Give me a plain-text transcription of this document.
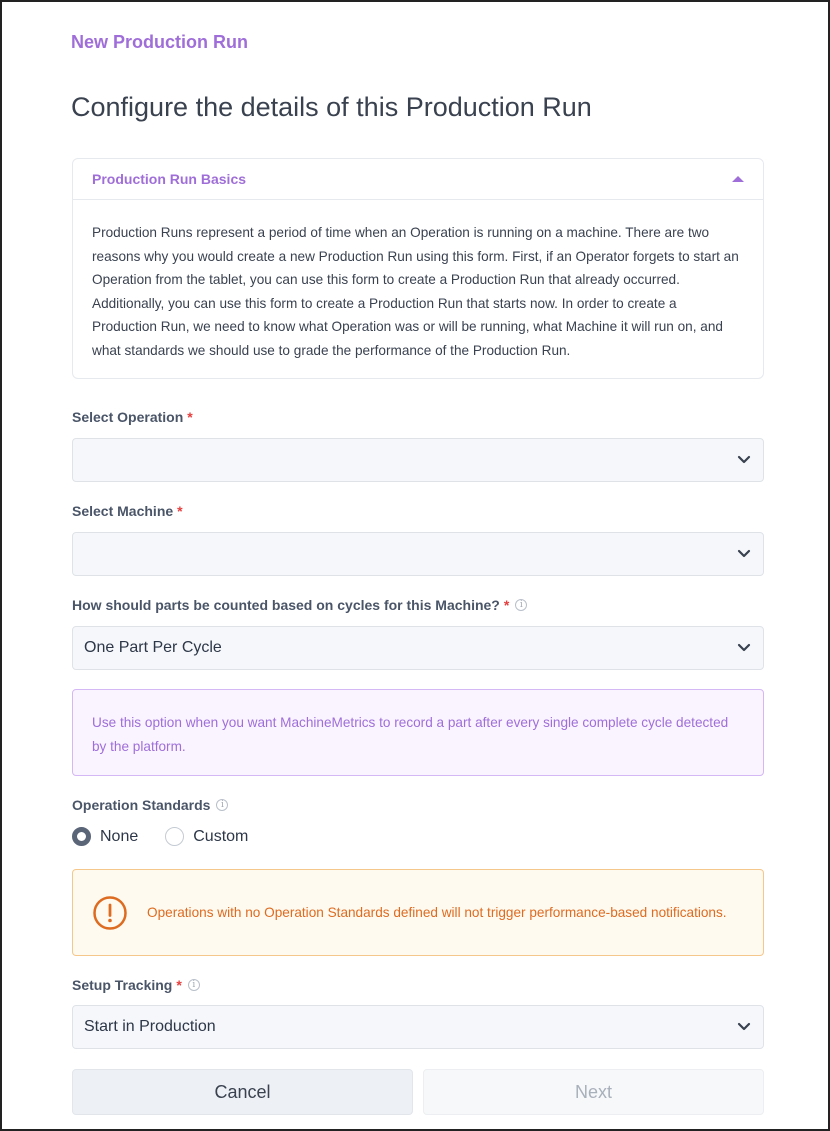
New Production Run
Configure the details of this Production Run
Production Run Basics
Production Runs represent a period of time when an Operation is running on a machine. There are two reasons why you would create a new Production Run using this form. First, if an Operator forgets to start an Operation from the tablet, you can use this form to create a Production Run that already occurred. Additionally, you can use this form to create a Production Run that starts now. In order to create a Production Run, we need to know what Operation was or will be running, what Machine it will run on, and what standards we should use to grade the performance of the Production Run.
Select Operation *
Select Machine *
How should parts be counted based on cycles for this Machine? *	i
One Part Per Cycle
Use this option when you want MachineMetrics to record a part after every single complete cycle detected by the platform.
Operation Standards	i
None	Custom
Operations with no Operation Standards defined will not trigger performance-based notifications.
Setup Tracking *	i
Start in Production
Cancel	Next
